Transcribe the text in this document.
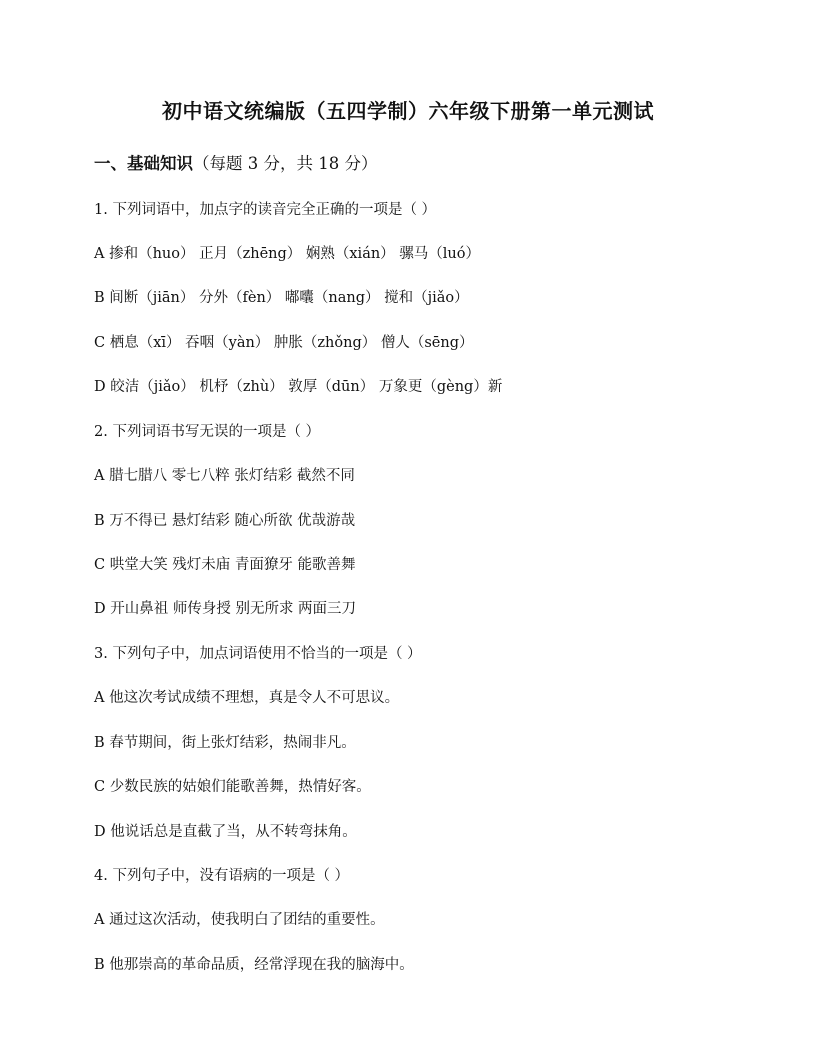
初中语文统编版（五四学制）六年级下册第一单元测试
一、基础知识（每题 3 分，共 18 分）
1. 下列词语中，加点字的读音完全正确的一项是（ ）
A 掺和（huo） 正月（zhēng） 娴熟（xián） 骡马（luó）
B 间断（jiān） 分外（fèn） 嘟囔（nang） 搅和（jiǎo）
C 栖息（xī） 吞咽（yàn） 肿胀（zhǒng） 僧人（sēng）
D 皎洁（jiǎo） 机杼（zhù） 敦厚（dūn） 万象更（gèng）新
2. 下列词语书写无误的一项是（ ）
A 腊七腊八 零七八粹 张灯结彩 截然不同
B 万不得已 悬灯结彩 随心所欲 优哉游哉
C 哄堂大笑 残灯未庙 青面獠牙 能歌善舞
D 开山鼻祖 师传身授 别无所求 两面三刀
3. 下列句子中，加点词语使用不恰当的一项是（ ）
A 他这次考试成绩不理想，真是令人不可思议。
B 春节期间，街上张灯结彩，热闹非凡。
C 少数民族的姑娘们能歌善舞，热情好客。
D 他说话总是直截了当，从不转弯抹角。
4. 下列句子中，没有语病的一项是（ ）
A 通过这次活动，使我明白了团结的重要性。
B 他那崇高的革命品质，经常浮现在我的脑海中。
